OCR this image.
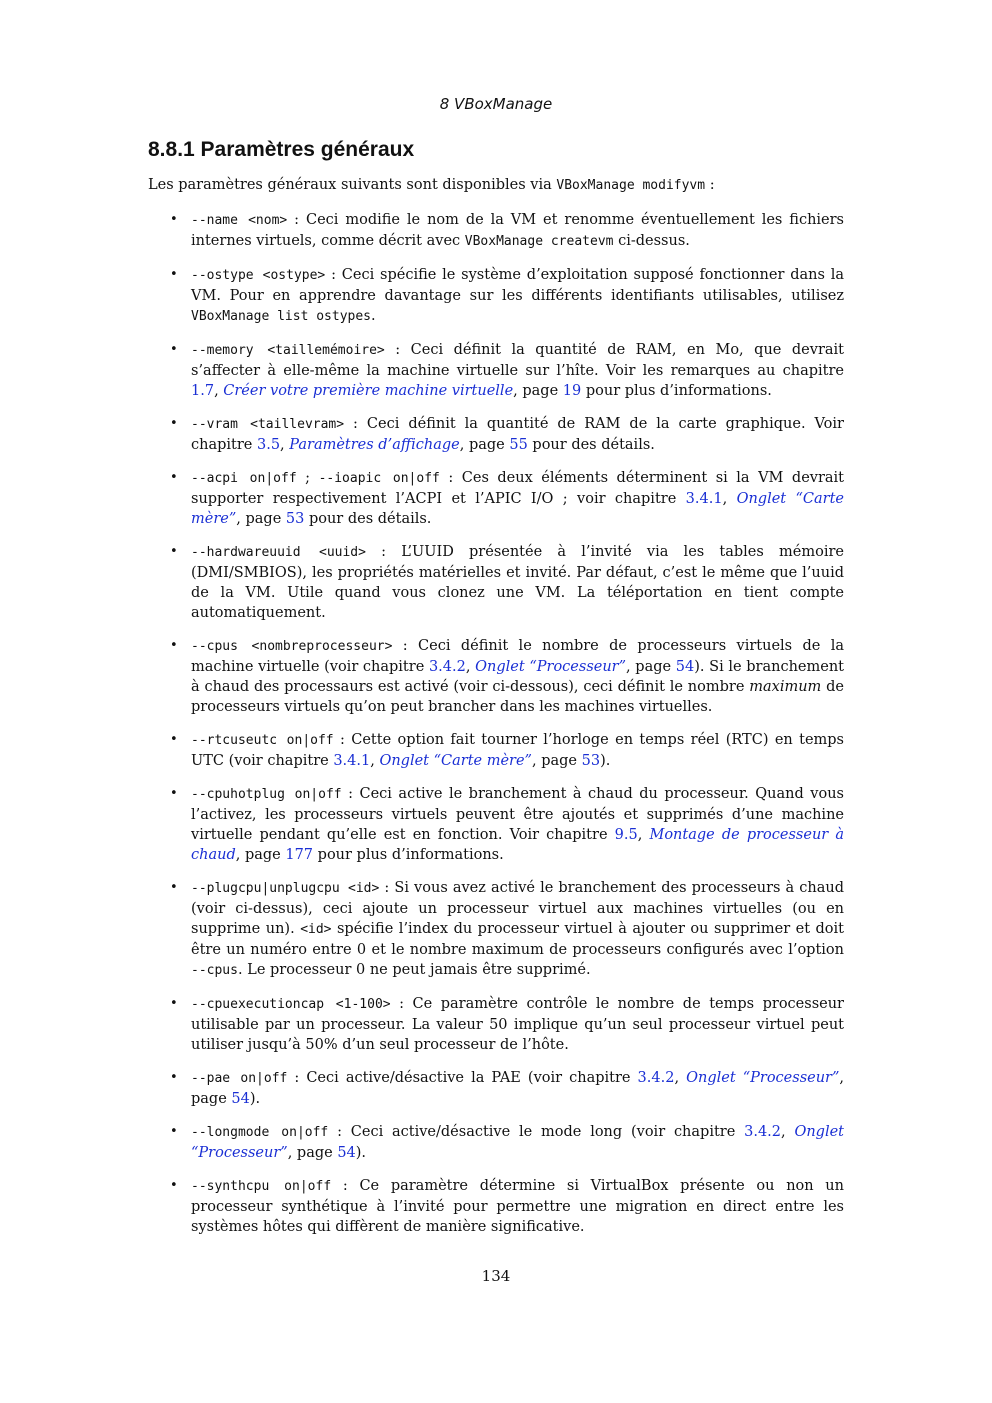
8 VBoxManage
8.8.1 Paramètres généraux

Les paramètres généraux suivants sont disponibles via VBoxManage modifyvm :

• --name <nom> : Ceci modifie le nom de la VM et renomme éventuellement les fichiers internes virtuels, comme décrit avec VBoxManage createvm ci-dessus.
• --ostype <ostype> : Ceci spécifie le système d’exploitation supposé fonctionner dans la VM. Pour en apprendre davantage sur les différents identifiants utilisables, utilisez VBoxManage list ostypes.
• --memory <taillemémoire> : Ceci définit la quantité de RAM, en Mo, que devrait s’affecter à elle-même la machine virtuelle sur l’hîte. Voir les remarques au chapitre 1.7, Créer votre première machine virtuelle, page 19 pour plus d’informations.
• --vram <taillevram> : Ceci définit la quantité de RAM de la carte graphique. Voir chapitre 3.5, Paramètres d’affichage, page 55 pour des détails.
• --acpi on|off ; --ioapic on|off : Ces deux éléments déterminent si la VM devrait supporter respectivement l’ACPI et l’APIC I/O ; voir chapitre 3.4.1, Onglet “Carte mère”, page 53 pour des détails.
• --hardwareuuid <uuid> : L’UUID présentée à l’invité via les tables mémoire (DMI/SMBIOS), les propriétés matérielles et invité. Par défaut, c’est le même que l’uuid de la VM. Utile quand vous clonez une VM. La téléportation en tient compte automatiquement.
• --cpus <nombreprocesseur> : Ceci définit le nombre de processeurs virtuels de la machine virtuelle (voir chapitre 3.4.2, Onglet “Processeur”, page 54). Si le branchement à chaud des processaurs est activé (voir ci-dessous), ceci définit le nombre maximum de processeurs virtuels qu’on peut brancher dans les machines virtuelles.
• --rtcuseutc on|off : Cette option fait tourner l’horloge en temps réel (RTC) en temps UTC (voir chapitre 3.4.1, Onglet “Carte mère”, page 53).
• --cpuhotplug on|off : Ceci active le branchement à chaud du processeur. Quand vous l’activez, les processeurs virtuels peuvent être ajoutés et supprimés d’une machine virtuelle pendant qu’elle est en fonction. Voir chapitre 9.5, Montage de processeur à chaud, page 177 pour plus d’informations.
• --plugcpu|unplugcpu <id> : Si vous avez activé le branchement des processeurs à chaud (voir ci-dessus), ceci ajoute un processeur virtuel aux machines virtuelles (ou en supprime un). <id> spécifie l’index du processeur virtuel à ajouter ou supprimer et doit être un numéro entre 0 et le nombre maximum de processeurs configurés avec l’option --cpus. Le processeur 0 ne peut jamais être supprimé.
• --cpuexecutioncap <1-100> : Ce paramètre contrôle le nombre de temps processeur utilisable par un processeur. La valeur 50 implique qu’un seul processeur virtuel peut utiliser jusqu’à 50% d’un seul processeur de l’hôte.
• --pae on|off : Ceci active/désactive la PAE (voir chapitre 3.4.2, Onglet “Processeur”, page 54).
• --longmode on|off : Ceci active/désactive le mode long (voir chapitre 3.4.2, Onglet “Processeur”, page 54).
• --synthcpu on|off : Ce paramètre détermine si VirtualBox présente ou non un processeur synthétique à l’invité pour permettre une migration en direct entre les systèmes hôtes qui diffèrent de manière significative.
134
